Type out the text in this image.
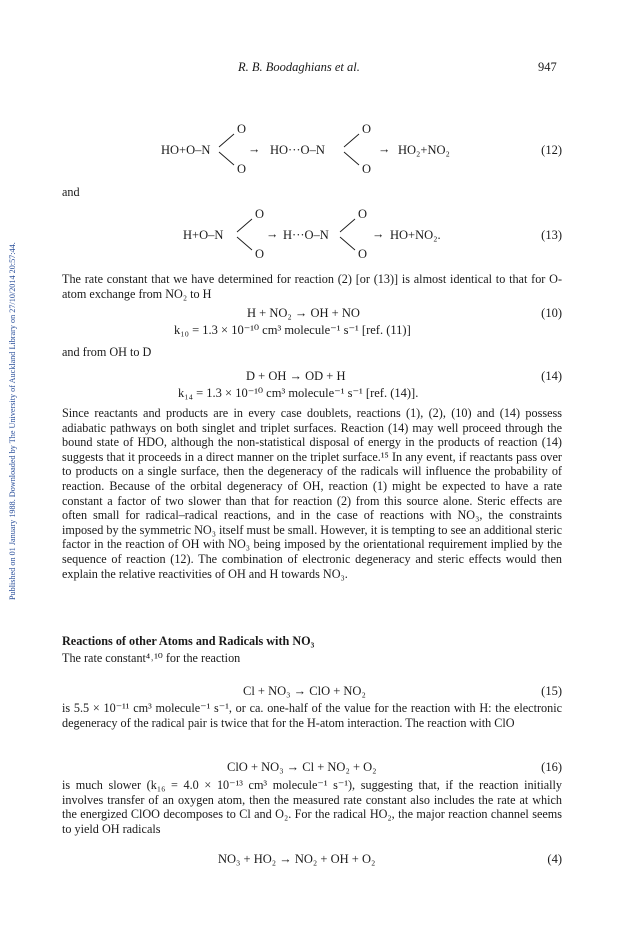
Published on 01 January 1988. Downloaded by The University of Auckland Library on 27/10/2014 20:57:44.
R. B. Boodaghians et al.	947
O
O
HO+O–N	→ HO···O–N
O
O
→ HO₂+NO₂	(12)
and
O
O
H+O–N	→ H···O–N
O
O
→ HO+NO₂.	(13)
The rate constant that we have determined for reaction (2) [or (13)] is almost identical to that for O-atom exchange from NO₂ to H
H + NO₂ → OH + NO	(10)
k₁₀ = 1.3 × 10⁻¹⁰ cm³ molecule⁻¹ s⁻¹ [ref. (11)]
and from OH to D
D + OH → OD + H	(14)
k₁₄ = 1.3 × 10⁻¹⁰ cm³ molecule⁻¹ s⁻¹ [ref. (14)].
Since reactants and products are in every case doublets, reactions (1), (2), (10) and (14) possess adiabatic pathways on both singlet and triplet surfaces. Reaction (14) may well proceed through the bound state of HDO, although the non-statistical disposal of energy in the products of reaction (14) suggests that it proceeds in a direct manner on the triplet surface.¹⁵ In any event, if reactants pass over to products on a single surface, then the degeneracy of the radicals will influence the probability of reaction. Because of the orbital degeneracy of OH, reaction (1) might be expected to have a rate constant a factor of two slower than that for reaction (2) from this source alone. Steric effects are often small for radical–radical reactions, and in the case of reactions with NO₃, the constraints imposed by the symmetric NO₃ itself must be small. However, it is tempting to see an additional steric factor in the reaction of OH with NO₃ being imposed by the orientational requirement implied by the sequence of reaction (12). The combination of electronic degeneracy and steric effects would then explain the relative reactivities of OH and H towards NO₃.
Reactions of other Atoms and Radicals with NO₃
The rate constant⁴˒¹⁰ for the reaction
Cl + NO₃ → ClO + NO₂	(15)
is 5.5 × 10⁻¹¹ cm³ molecule⁻¹ s⁻¹, or ca. one-half of the value for the reaction with H: the electronic degeneracy of the radical pair is twice that for the H-atom interaction. The reaction with ClO
ClO + NO₃ → Cl + NO₂ + O₂	(16)
is much slower (k₁₆ = 4.0 × 10⁻¹³ cm³ molecule⁻¹ s⁻¹), suggesting that, if the reaction initially involves transfer of an oxygen atom, then the measured rate constant also includes the rate at which the energized ClOO decomposes to Cl and O₂. For the radical HO₂, the major reaction channel seems to yield OH radicals
NO₃ + HO₂ → NO₂ + OH + O₂	(4)
